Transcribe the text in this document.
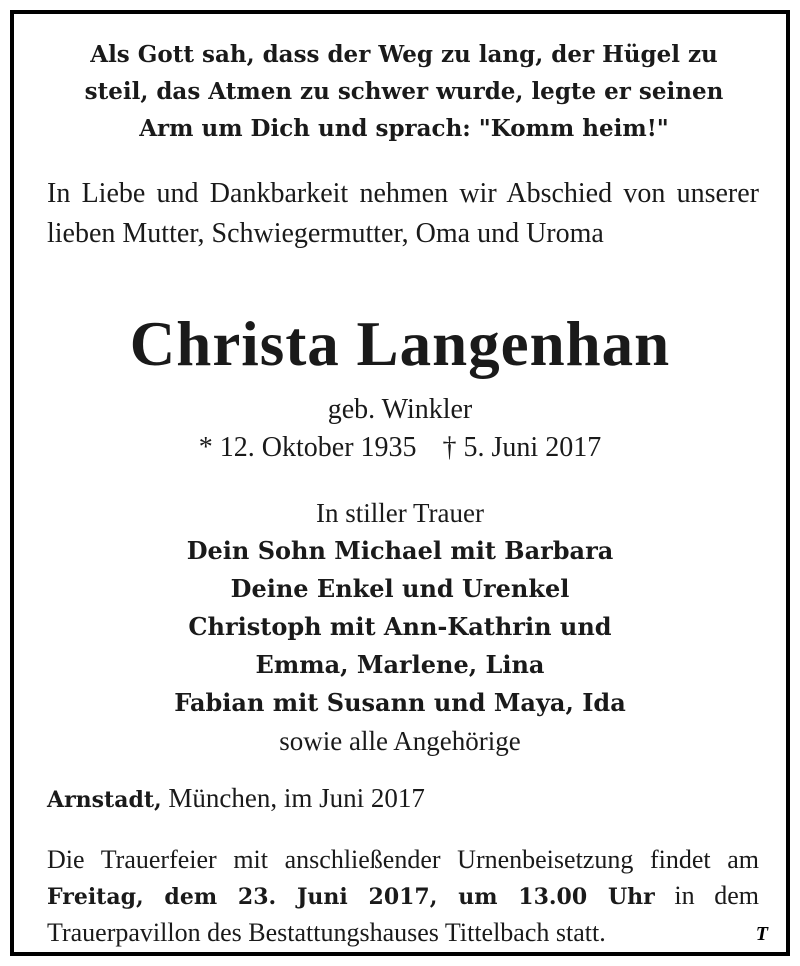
Als Gott sah, dass der Weg zu lang, der Hügel zu
steil, das Atmen zu schwer wurde, legte er seinen
Arm um Dich und sprach: "Komm heim!"
In Liebe und Dankbarkeit nehmen wir Abschied von unserer lieben Mutter, Schwiegermutter, Oma und Uroma
Christa Langenhan
geb. Winkler
* 12. Oktober 1935 † 5. Juni 2017
In stiller Trauer
Dein Sohn Michael mit Barbara
Deine Enkel und Urenkel
Christoph mit Ann-Kathrin und
Emma, Marlene, Lina
Fabian mit Susann und Maya, Ida
sowie alle Angehörige
Arnstadt, München, im Juni 2017
Die Trauerfeier mit anschließender Urnenbeisetzung findet am Freitag, dem 23. Juni 2017, um 13.00 Uhr in dem Trauerpavillon des Bestattungshauses Tittelbach statt.	T
